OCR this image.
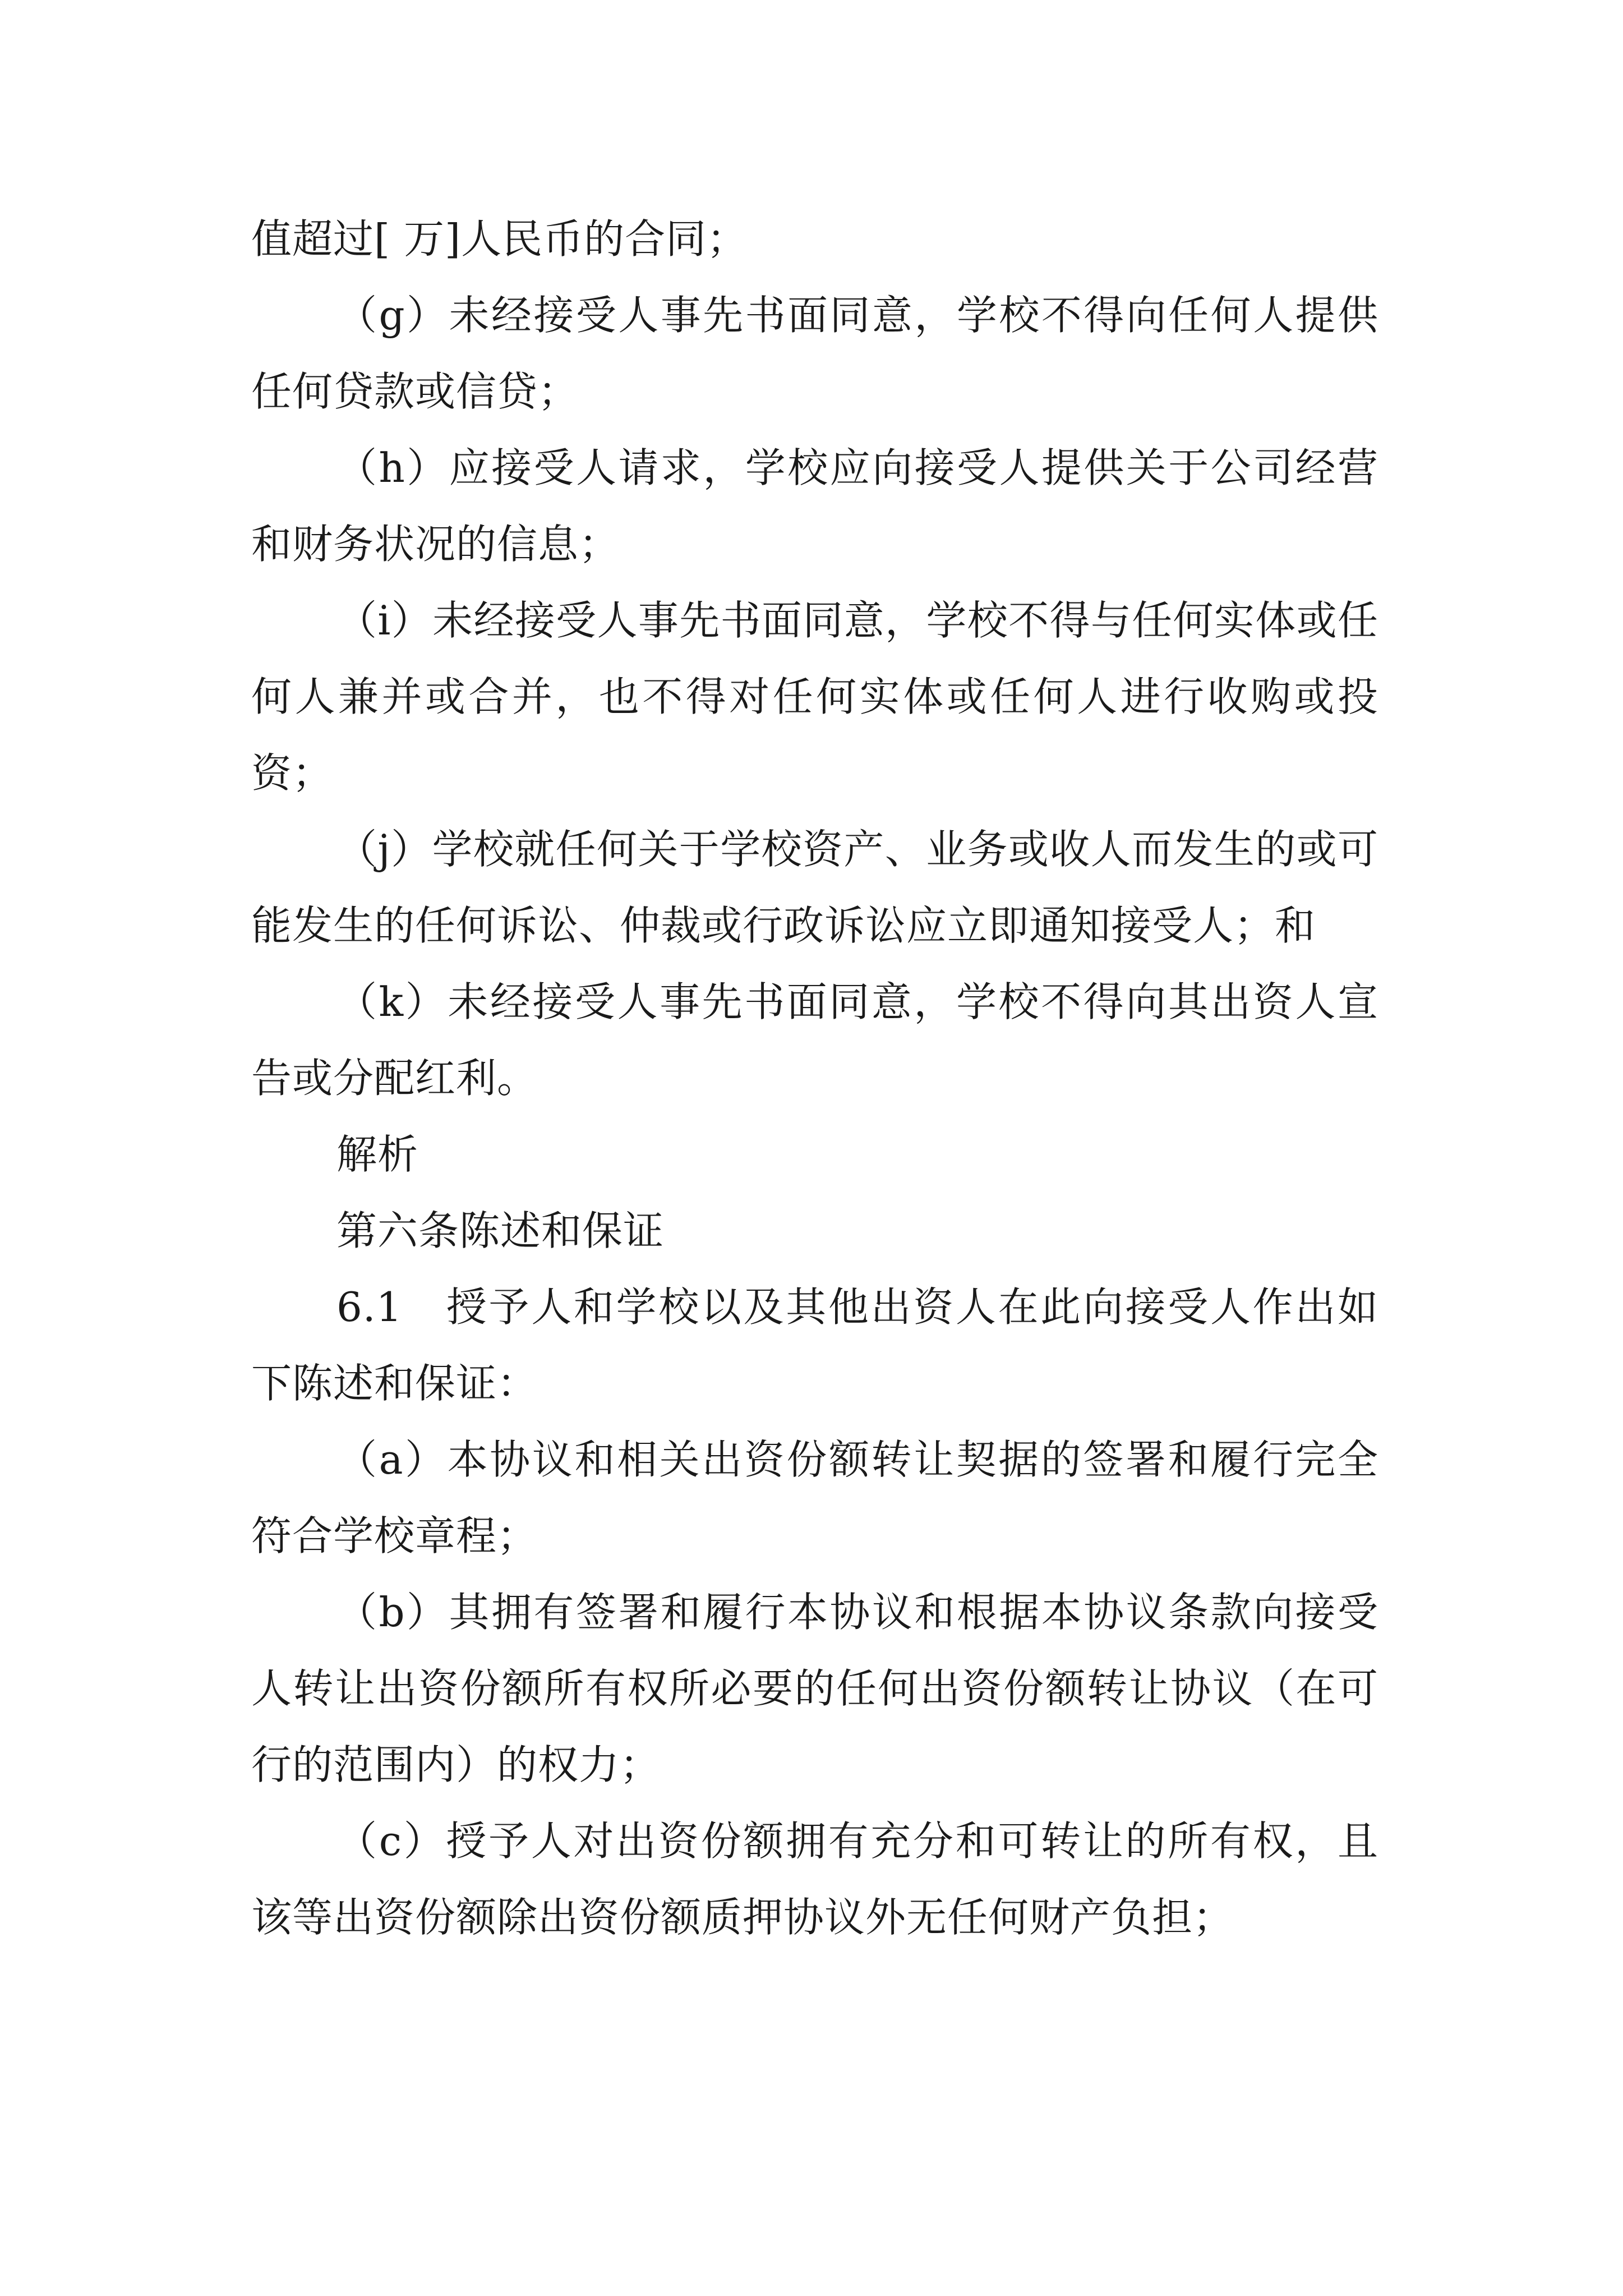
值超过[ 万]人民币的合同；

（g）未经接受人事先书面同意，学校不得向任何人提供任何贷款或信贷；

（h）应接受人请求，学校应向接受人提供关于公司经营和财务状况的信息；

（i）未经接受人事先书面同意，学校不得与任何实体或任何人兼并或合并，也不得对任何实体或任何人进行收购或投资；

（j）学校就任何关于学校资产、业务或收人而发生的或可能发生的任何诉讼、仲裁或行政诉讼应立即通知接受人；和

（k）未经接受人事先书面同意，学校不得向其出资人宣告或分配红利。

解析

第六条陈述和保证

6.1　授予人和学校以及其他出资人在此向接受人作出如下陈述和保证：

（a）本协议和相关出资份额转让契据的签署和履行完全符合学校章程；

（b）其拥有签署和履行本协议和根据本协议条款向接受人转让出资份额所有权所必要的任何出资份额转让协议（在可行的范围内）的权力；

（c）授予人对出资份额拥有充分和可转让的所有权，且该等出资份额除出资份额质押协议外无任何财产负担；
